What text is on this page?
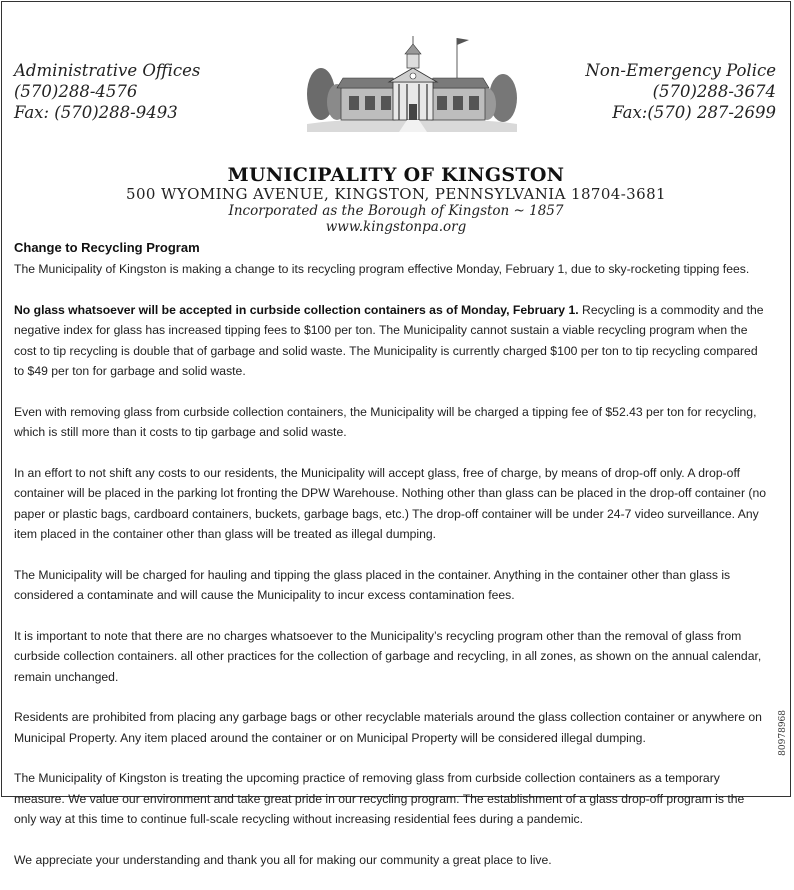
Administrative Offices
(570)288-4576
Fax: (570)288-9493
Non-Emergency Police
(570)288-3674
Fax:(570) 287-2699
MUNICIPALITY OF KINGSTON
500 WYOMING AVENUE, KINGSTON, PENNSYLVANIA 18704-3681
Incorporated as the Borough of Kingston ~ 1857
www.kingstonpa.org
Change to Recycling Program

The Municipality of Kingston is making a change to its recycling program effective Monday, February 1, due to sky-rocketing tipping fees.

No glass whatsoever will be accepted in curbside collection containers as of Monday, February 1. Recycling is a commodity and the negative index for glass has increased tipping fees to $100 per ton. The Municipality cannot sustain a viable recycling program when the cost to tip recycling is double that of garbage and solid waste. The Municipality is currently charged $100 per ton to tip recycling compared to $49 per ton for garbage and solid waste.

Even with removing glass from curbside collection containers, the Municipality will be charged a tipping fee of $52.43 per ton for recycling, which is still more than it costs to tip garbage and solid waste.

In an effort to not shift any costs to our residents, the Municipality will accept glass, free of charge, by means of drop-off only. A drop-off container will be placed in the parking lot fronting the DPW Warehouse. Nothing other than glass can be placed in the drop-off container (no paper or plastic bags, cardboard containers, buckets, garbage bags, etc.) The drop-off container will be under 24-7 video surveillance. Any item placed in the container other than glass will be treated as illegal dumping.

The Municipality will be charged for hauling and tipping the glass placed in the container. Anything in the container other than glass is considered a contaminate and will cause the Municipality to incur excess contamination fees.

It is important to note that there are no charges whatsoever to the Municipality’s recycling program other than the removal of glass from curbside collection containers. all other practices for the collection of garbage and recycling, in all zones, as shown on the annual calendar, remain unchanged.

Residents are prohibited from placing any garbage bags or other recyclable materials around the glass collection container or anywhere on Municipal Property. Any item placed around the container or on Municipal Property will be considered illegal dumping.

The Municipality of Kingston is treating the upcoming practice of removing glass from curbside collection containers as a temporary measure. We value our environment and take great pride in our recycling program. The establishment of a glass drop-off program is the only way at this time to continue full-scale recycling without increasing residential fees during a pandemic.

We appreciate your understanding and thank you all for making our community a great place to live.

80978968
